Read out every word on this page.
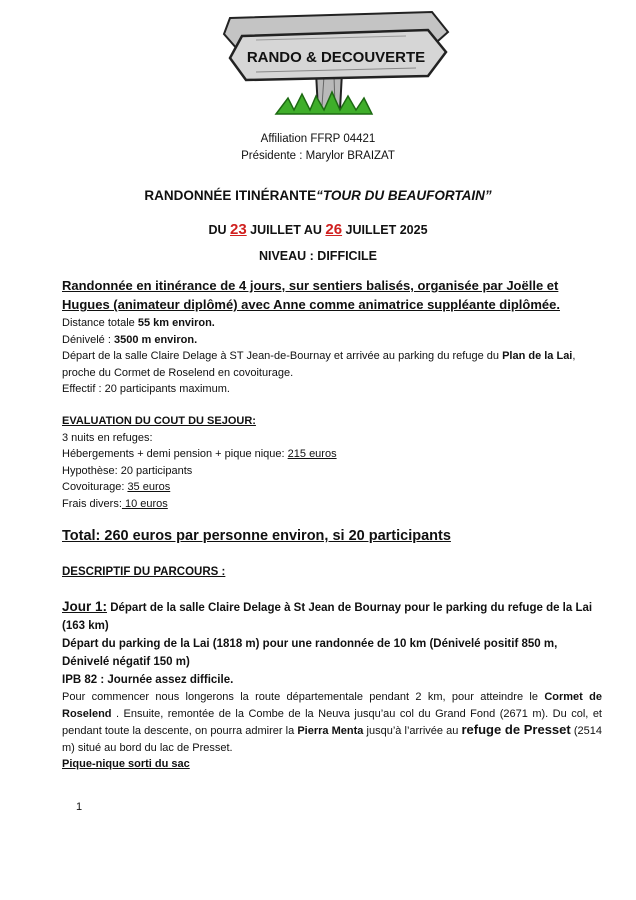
RANDO & DECOUVERTE

Affiliation FFRP 04421

Présidente : Marylor BRAIZAT

RANDONNÉE ITINÉRANTE“TOUR DU BEAUFORTAIN”
DU 23 JUILLET AU 26 JUILLET 2025
NIVEAU : DIFFICILE
Randonnée en itinérance de 4 jours, sur sentiers balisés, organisée par Joëlle et Hugues (animateur diplômé) avec Anne comme animatrice suppléante diplômée.

Distance totale 55 km environ.

Dénivelé : 3500 m environ.

Départ de la salle Claire Delage à ST Jean-de-Bournay et arrivée au parking du refuge du Plan de la Lai, proche du Cormet de Roselend en covoiturage.

Effectif : 20 participants maximum.

EVALUATION DU COUT DU SEJOUR:

3 nuits en refuges:

Hébergements + demi pension + pique nique: 215 euros

Hypothèse: 20 participants

Covoiturage: 35 euros

Frais divers: 10 euros

Total: 260 euros par personne environ, si 20 participants
DESCRIPTIF DU PARCOURS :

Jour 1: Départ de la salle Claire Delage à St Jean de Bournay pour le parking du refuge de la Lai (163 km)

Départ du parking de la Lai (1818 m) pour une randonnée de 10 km (Dénivelé positif 850 m, Dénivelé négatif 150 m)

IPB 82 : Journée assez difficile.

Pour commencer nous longerons la route départementale pendant 2 km, pour atteindre le Cormet de Roselend . Ensuite, remontée de la Combe de la Neuva jusqu’au col du Grand Fond (2671 m). Du col, et pendant toute la descente, on pourra admirer la Pierra Menta jusqu’à l’arrivée au refuge de Presset (2514 m) situé au bord du lac de Presset.

Pique-nique sorti du sac

1
